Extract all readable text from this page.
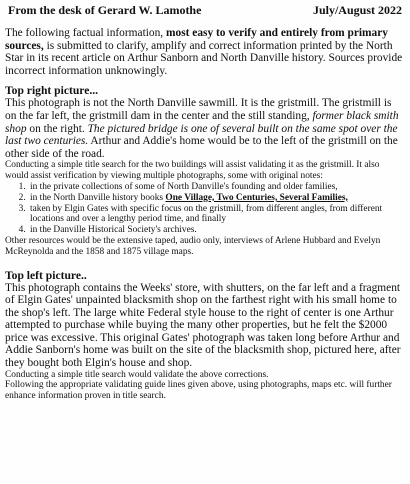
From the desk of Gerard W. Lamothe	July/August 2022

The following factual information, most easy to verify and entirely from primary sources, is submitted to clarify, amplify and correct information printed by the North Star in its recent article on Arthur Sanborn and North Danville history. Sources provide incorrect information unknowingly.

Top right picture...

This photograph is not the North Danville sawmill. It is the gristmill. The gristmill is on the far left, the gristmill dam in the center and the still standing, former black smith shop on the right. The pictured bridge is one of several built on the same spot over the last two centuries. Arthur and Addie's home would be to the left of the gristmill on the other side of the road.

Conducting a simple title search for the two buildings will assist validating it as the gristmill. It also would assist verification by viewing multiple photographs, some with original notes:

1. in the private collections of some of North Danville's founding and older families,
2. in the North Danville history books One Village, Two Centuries, Several Families,
3. taken by Elgin Gates with specific focus on the gristmill, from different angles, from different locations and over a lengthy period time, and finally
4. in the Danville Historical Society's archives.

Other resources would be the extensive taped, audio only, interviews of Arlene Hubbard and Evelyn McReynolda and the 1858 and 1875 village maps.

Top left picture..

This photograph contains the Weeks' store, with shutters, on the far left and a fragment of Elgin Gates' unpainted blacksmith shop on the farthest right with his small home to the shop's left. The large white Federal style house to the right of center is one Arthur attempted to purchase while buying the many other properties, but he felt the $2000 price was excessive. This original Gates' photograph was taken long before Arthur and Addie Sanborn's home was built on the site of the blacksmith shop, pictured here, after they bought both Elgin's house and shop.

Conducting a simple title search would validate the above corrections.

Following the appropriate validating guide lines given above, using photographs, maps etc. will further enhance information proven in title search.
